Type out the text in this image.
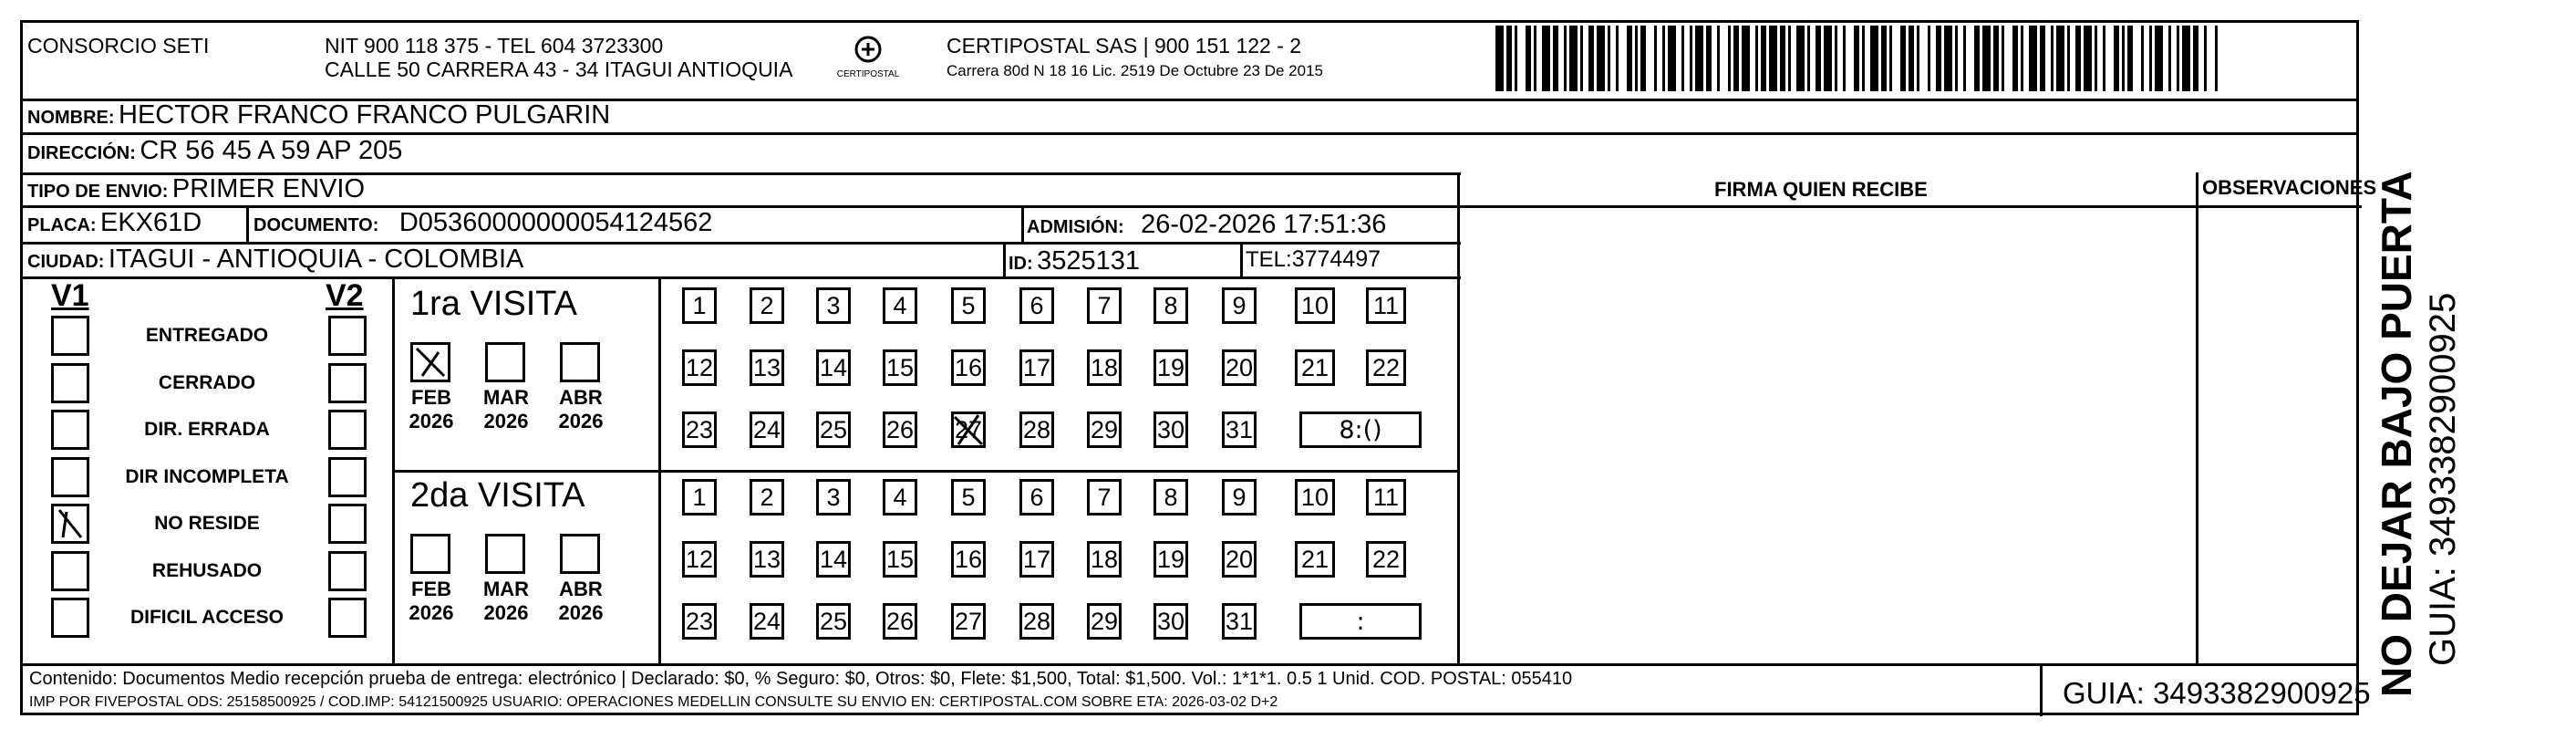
CONSORCIO SETI	NIT 900 118 375 - TEL 604 3723300
CALLE 50 CARRERA 43 - 34 ITAGUI ANTIOQUIA	CERTIPOSTAL
CERTIPOSTAL SAS | 900 151 122 - 2
Carrera 80d N 18 16 Lic. 2519 De Octubre 23 De 2015
NOMBRE: HECTOR FRANCO FRANCO PULGARIN
DIRECCIÓN: CR 56 45 A 59 AP 205
TIPO DE ENVIO: PRIMER ENVIO	FIRMA QUIEN RECIBE	OBSERVACIONES
PLACA: EKX61D	DOCUMENTO: D05360000000054124562	ADMISIÓN: 26-02-2026 17:51:36
CIUDAD: ITAGUI - ANTIOQUIA - COLOMBIA	ID: 3525131	TEL:3774497
V1	V2
ENTREGADO
CERRADO
DIR. ERRADA
DIR INCOMPLETA
NO RESIDE
REHUSADO
DIFICIL ACCESO
1ra VISITA
2da VISITA
FEB
2026
MAR
2026
ABR
2026
1	2	3	4	5	6	7	8	9	10 11
12 13 14 15 16 17 18 19 20 21 22
23 24 25 26 27 28 29 30 31	8:()
FEB
2026
MAR
2026
ABR
2026
1	2	3	4	5	6	7	8	9	10 11
12 13 14 15 16 17 18 19 20 21 22
23 24 25 26 27 28 29 30 31	:
Contenido: Documentos Medio recepción prueba de entrega: electrónico | Declarado: $0, % Seguro: $0, Otros: $0, Flete: $1,500, Total: $1,500. Vol.: 1*1*1. 0.5 1 Unid. COD. POSTAL: 055410
IMP POR FIVEPOSTAL ODS: 25158500925 / COD.IMP: 54121500925 USUARIO: OPERACIONES MEDELLIN CONSULTE SU ENVIO EN: CERTIPOSTAL.COM SOBRE ETA: 2026-03-02 D+2	GUIA: 3493382900925 NO DEJAR BAJO PUERTA GUIA: 3493382900925
